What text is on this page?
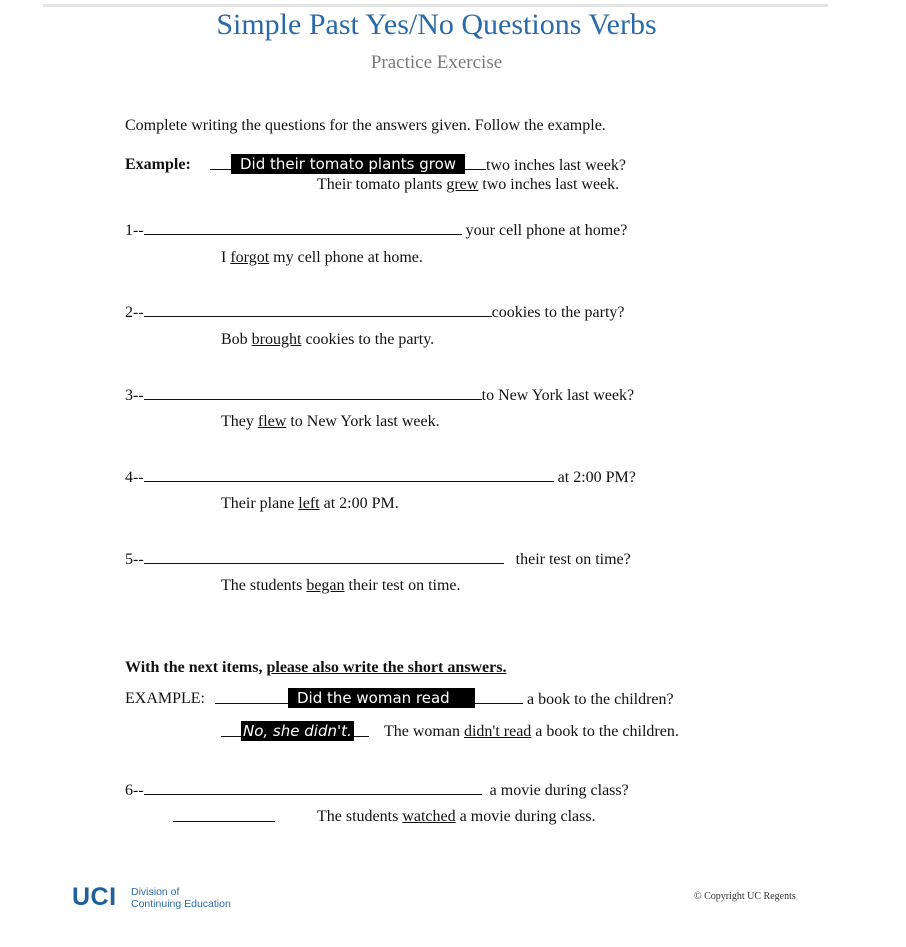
Simple Past Yes/No Questions Verbs
Practice Exercise
Complete writing the questions for the answers given. Follow the example.
Example:	two inches last week?
Did their tomato plants grow
Their tomato plants grew two inches last week.
1--	your cell phone at home?
I forgot my cell phone at home.
2--	cookies to the party?
Bob brought cookies to the party.
3--	to New York last week?
They flew to New York last week.
4--	at 2:00 PM?
Their plane left at 2:00 PM.
5--	their test on time?
The students began their test on time.
With the next items, please also write the short answers.
EXAMPLE:	a book to the children?
Did the woman read
No, she didn't. The woman didn't read a book to the children.
6--	a movie during class?
The students watched a movie during class.
UCI Division of
Continuing Education
© Copyright UC Regents
